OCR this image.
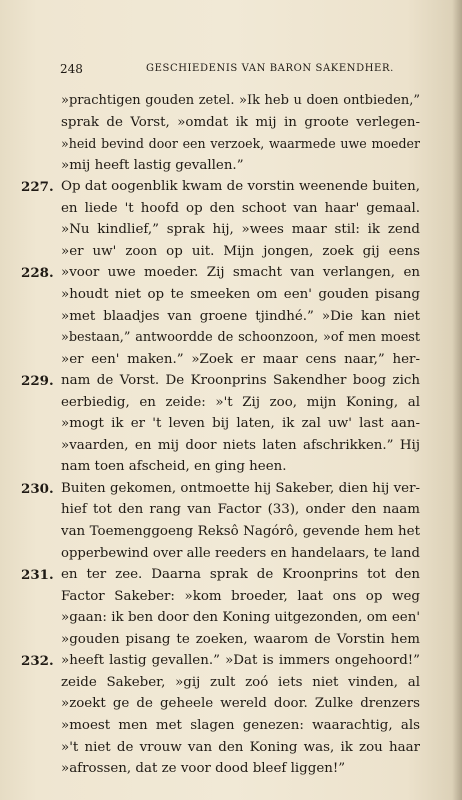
248	GESCHIEDENIS VAN BARON SAKENDHER.
»prachtigen gouden zetel. »Ik heb u doen ontbieden,”
sprak de Vorst, »omdat ik mij in groote verlegen-
»heid bevind door een verzoek, waarmede uwe moeder
»mij heeft lastig gevallen.”
227. Op dat oogenblik kwam de vorstin weenende buiten,
en liede 't hoofd op den schoot van haar' gemaal.
»Nu kindlief,” sprak hij, »wees maar stil: ik zend
»er uw' zoon op uit. Mijn jongen, zoek gij eens
228. »voor uwe moeder. Zij smacht van verlangen, en
»houdt niet op te smeeken om een' gouden pisang
»met blaadjes van groene tjindhé.” »Die kan niet
»bestaan,” antwoordde de schoonzoon, »of men moest
»er een' maken.” »Zoek er maar cens naar,” her-
229. nam de Vorst. De Kroonprins Sakendher boog zich
eerbiedig, en zeide: »'t Zij zoo, mijn Koning, al
»mogt ik er 't leven bij laten, ik zal uw' last aan-
»vaarden, en mij door niets laten afschrikken.” Hij
nam toen afscheid, en ging heen.
230. Buiten gekomen, ontmoette hij Sakeber, dien hij ver-
hief tot den rang van Factor (33), onder den naam
van Toemenggoeng Reksô Nagórô, gevende hem het
opperbewind over alle reeders en handelaars, te land
231. en ter zee. Daarna sprak de Kroonprins tot den
Factor Sakeber: »kom broeder, laat ons op weg
»gaan: ik ben door den Koning uitgezonden, om een'
»gouden pisang te zoeken, waarom de Vorstin hem
232. »heeft lastig gevallen.” »Dat is immers ongehoord!”
zeide Sakeber, »gij zult zoó iets niet vinden, al
»zoekt ge de geheele wereld door. Zulke drenzers
»moest men met slagen genezen: waarachtig, als
»'t niet de vrouw van den Koning was, ik zou haar
»afrossen, dat ze voor dood bleef liggen!”
